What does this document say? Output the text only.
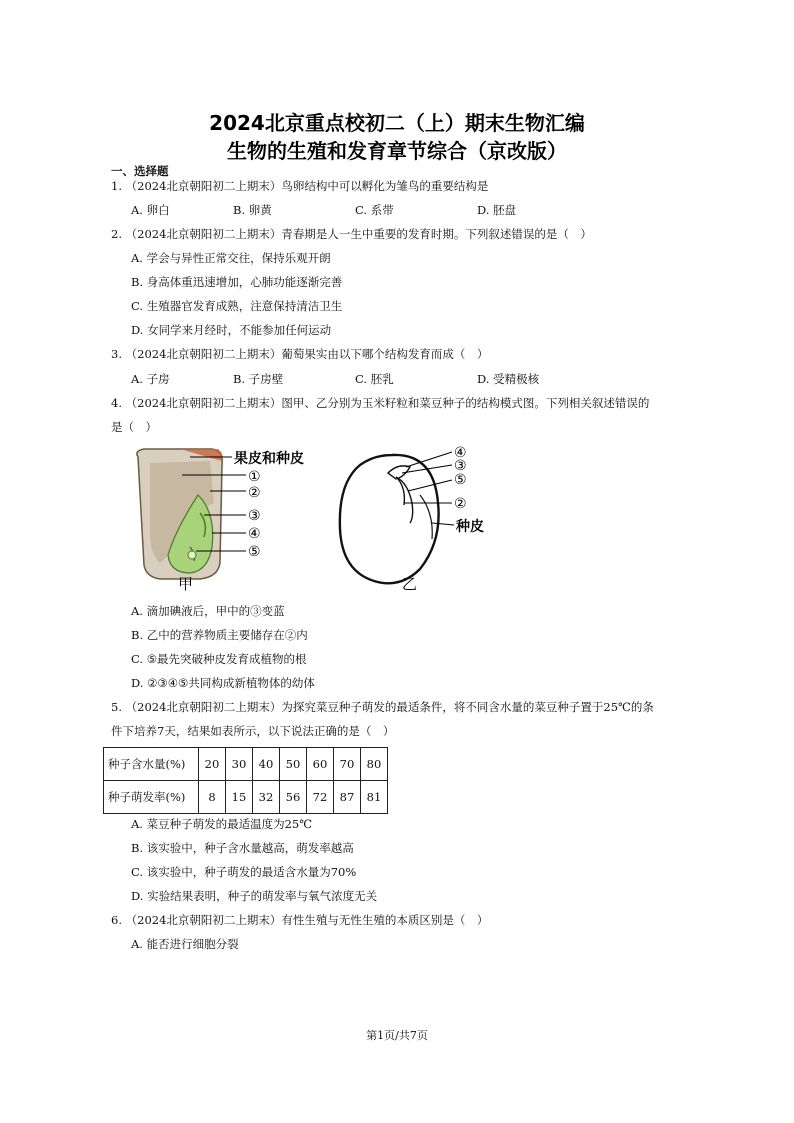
2024北京重点校初二（上）期末生物汇编
生物的生殖和发育章节综合（京改版）
一、选择题
1. （2024北京朝阳初二上期末）鸟卵结构中可以孵化为雏鸟的重要结构是
A. 卵白	B. 卵黄	C. 系带	D. 胚盘
2. （2024北京朝阳初二上期末）青春期是人一生中重要的发育时期。下列叙述错误的是（　）
A. 学会与异性正常交往，保持乐观开朗
B. 身高体重迅速增加，心肺功能逐渐完善
C. 生殖器官发育成熟，注意保持清洁卫生
D. 女同学来月经时，不能参加任何运动
3. （2024北京朝阳初二上期末）葡萄果实由以下哪个结构发育而成（　）
A. 子房	B. 子房壁	C. 胚乳	D. 受精极核
4. （2024北京朝阳初二上期末）图甲、乙分别为玉米籽粒和菜豆种子的结构模式图。下列相关叙述错误的
是（　）
果皮和种皮
①
②
③
④
⑤
甲
④
③
⑤
②
种皮
乙
A. 滴加碘液后，甲中的③变蓝
B. 乙中的营养物质主要储存在②内
C. ⑤最先突破种皮发育成植物的根
D. ②③④⑤共同构成新植物体的幼体
5. （2024北京朝阳初二上期末）为探究菜豆种子萌发的最适条件，将不同含水量的菜豆种子置于25℃的条
件下培养7天，结果如表所示，以下说法正确的是（　）
种子含水量(%)	20	30	40	50	60	70	80
种子萌发率(%)	8	15	32	56	72	87	81
A. 菜豆种子萌发的最适温度为25℃
B. 该实验中，种子含水量越高，萌发率越高
C. 该实验中，种子萌发的最适含水量为70%
D. 实验结果表明，种子的萌发率与氧气浓度无关
6. （2024北京朝阳初二上期末）有性生殖与无性生殖的本质区别是（　）
A. 能否进行细胞分裂
第1页/共7页
